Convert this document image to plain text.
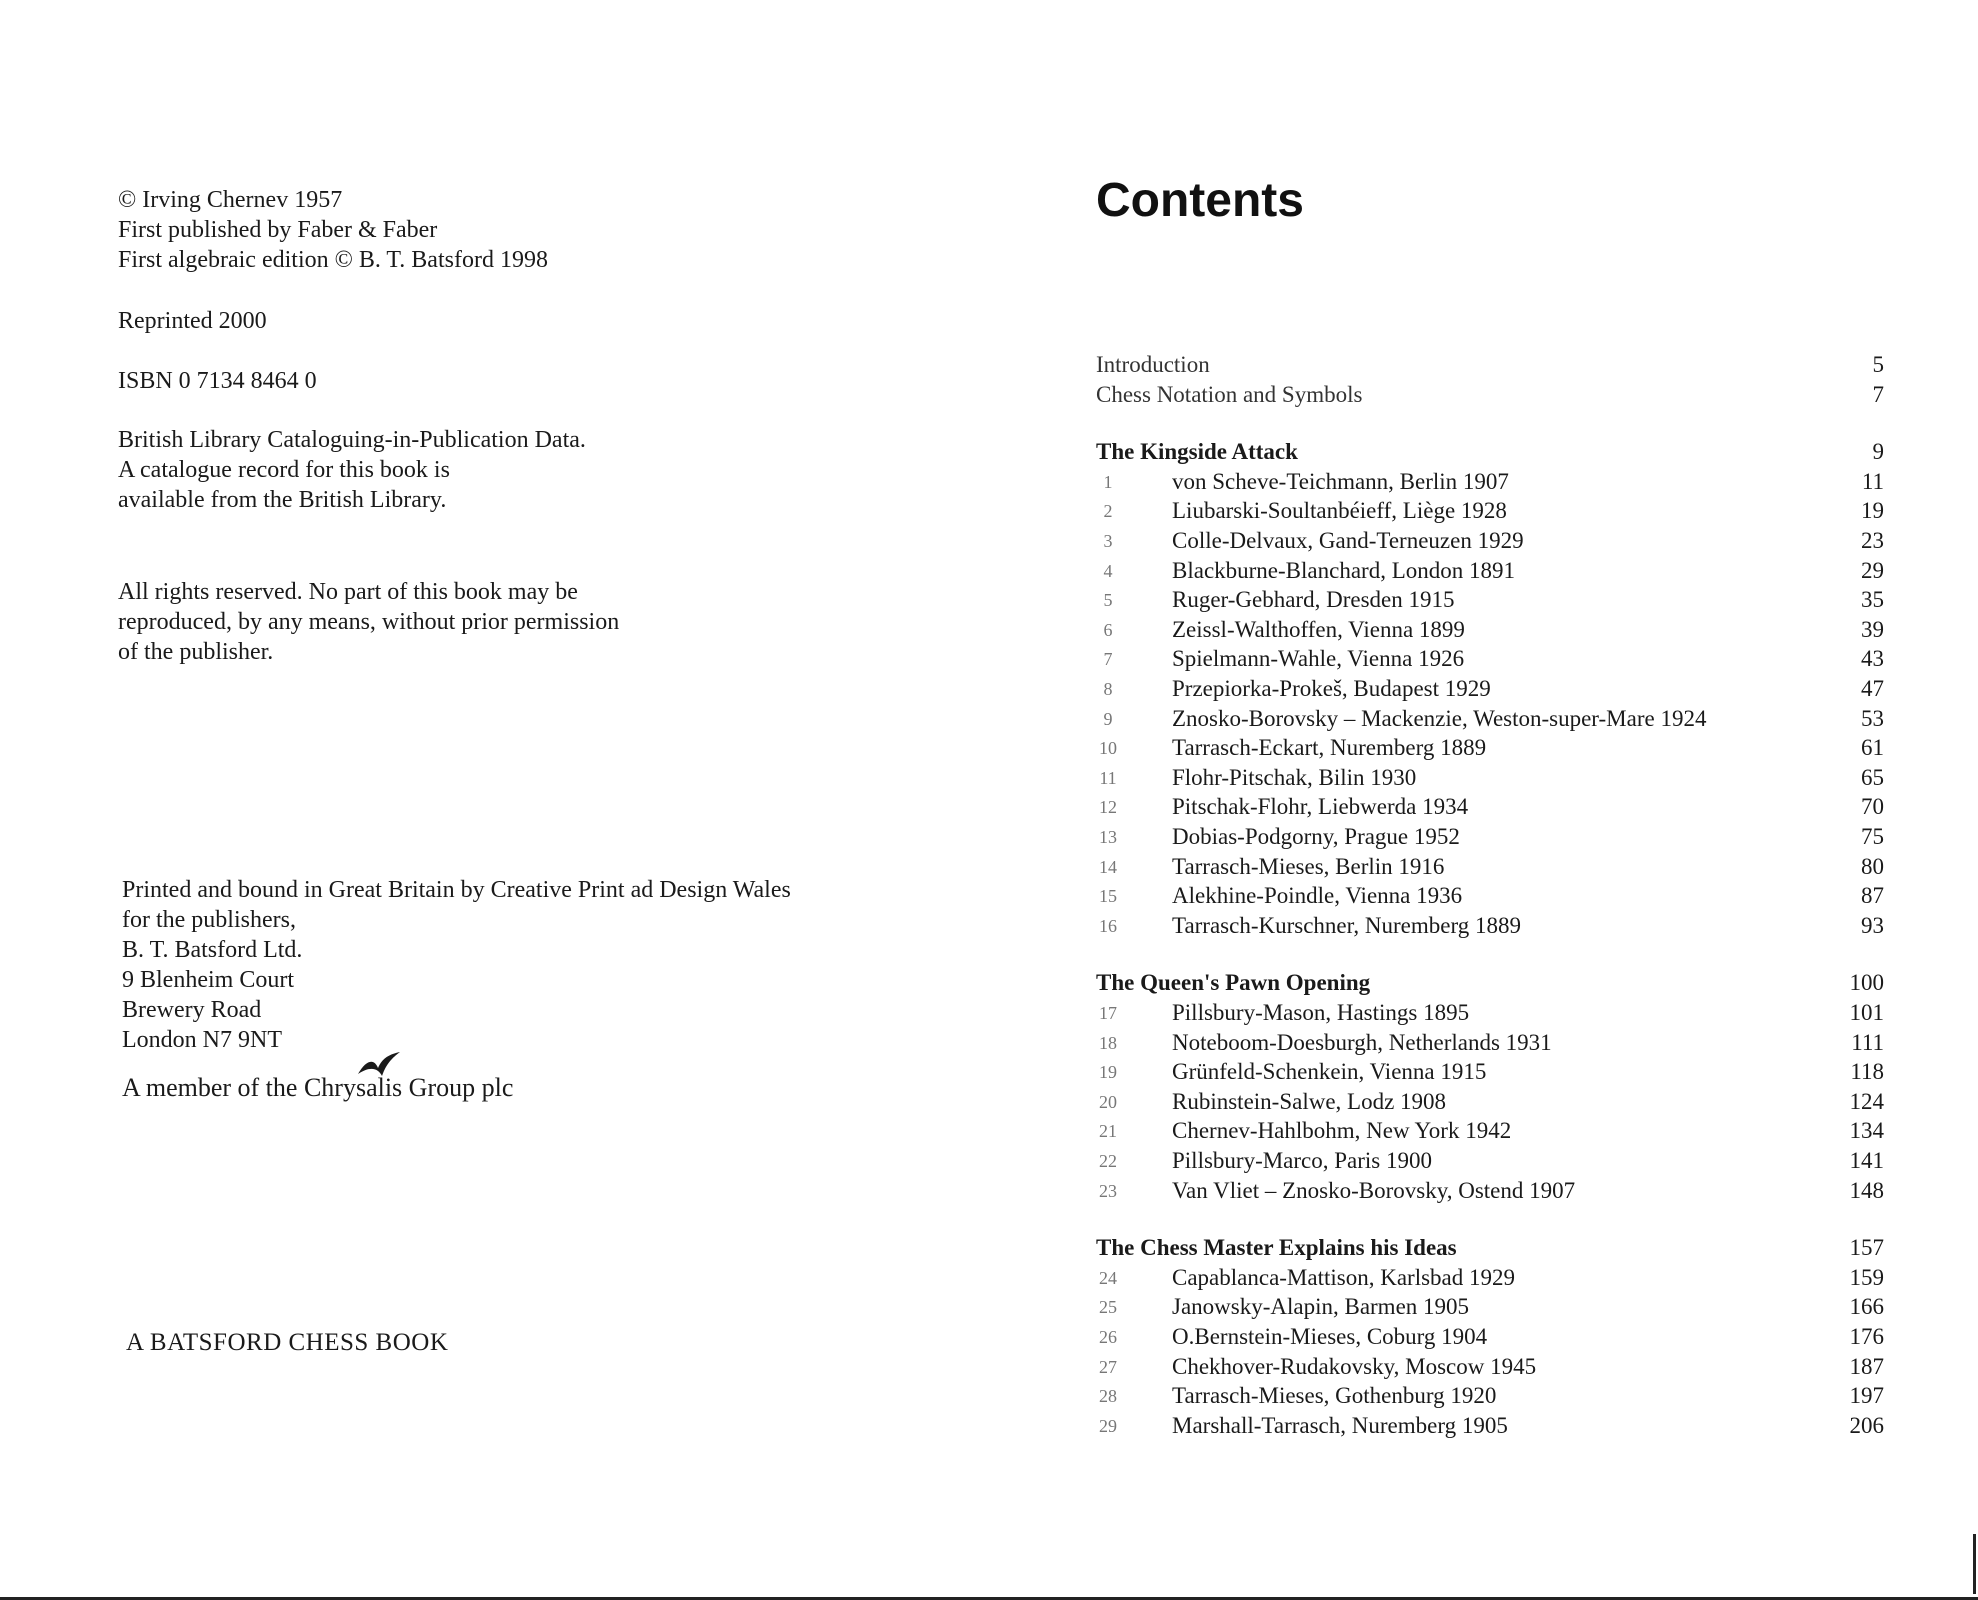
© Irving Chernev 1957
First published by Faber & Faber
First algebraic edition © B. T. Batsford 1998
Reprinted 2000
ISBN 0 7134 8464 0
British Library Cataloguing-in-Publication Data.
A catalogue record for this book is
available from the British Library.
All rights reserved. No part of this book may be
reproduced, by any means, without prior permission
of the publisher.
Printed and bound in Great Britain by Creative Print ad Design Wales
for the publishers,
B. T. Batsford Ltd.
9 Blenheim Court
Brewery Road
London N7 9NT
A member of the Chrysalis Group plc
A BATSFORD CHESS BOOK
Contents
Introduction	5
Chess Notation and Symbols	7
The Kingside Attack	9
1	von Scheve-Teichmann, Berlin 1907	11
2	Liubarski-Soultanbéieff, Liège 1928	19
3	Colle-Delvaux, Gand-Terneuzen 1929	23
4	Blackburne-Blanchard, London 1891	29
5	Ruger-Gebhard, Dresden 1915	35
6	Zeissl-Walthoffen, Vienna 1899	39
7	Spielmann-Wahle, Vienna 1926	43
8	Przepiorka-Prokeš, Budapest 1929	47
9	Znosko-Borovsky – Mackenzie, Weston-super-Mare 1924	53
10 Tarrasch-Eckart, Nuremberg 1889	61
11 Flohr-Pitschak, Bilin 1930	65
12 Pitschak-Flohr, Liebwerda 1934	70
13 Dobias-Podgorny, Prague 1952	75
14 Tarrasch-Mieses, Berlin 1916	80
15 Alekhine-Poindle, Vienna 1936	87
16 Tarrasch-Kurschner, Nuremberg 1889	93
The Queen's Pawn Opening	100
17 Pillsbury-Mason, Hastings 1895	101
18 Noteboom-Doesburgh, Netherlands 1931	111
19 Grünfeld-Schenkein, Vienna 1915	118
20 Rubinstein-Salwe, Lodz 1908	124
21 Chernev-Hahlbohm, New York 1942	134
22 Pillsbury-Marco, Paris 1900	141
23 Van Vliet – Znosko-Borovsky, Ostend 1907	148
The Chess Master Explains his Ideas	157
24 Capablanca-Mattison, Karlsbad 1929	159
25 Janowsky-Alapin, Barmen 1905	166
26 O.Bernstein-Mieses, Coburg 1904	176
27 Chekhover-Rudakovsky, Moscow 1945	187
28 Tarrasch-Mieses, Gothenburg 1920	197
29 Marshall-Tarrasch, Nuremberg 1905	206
